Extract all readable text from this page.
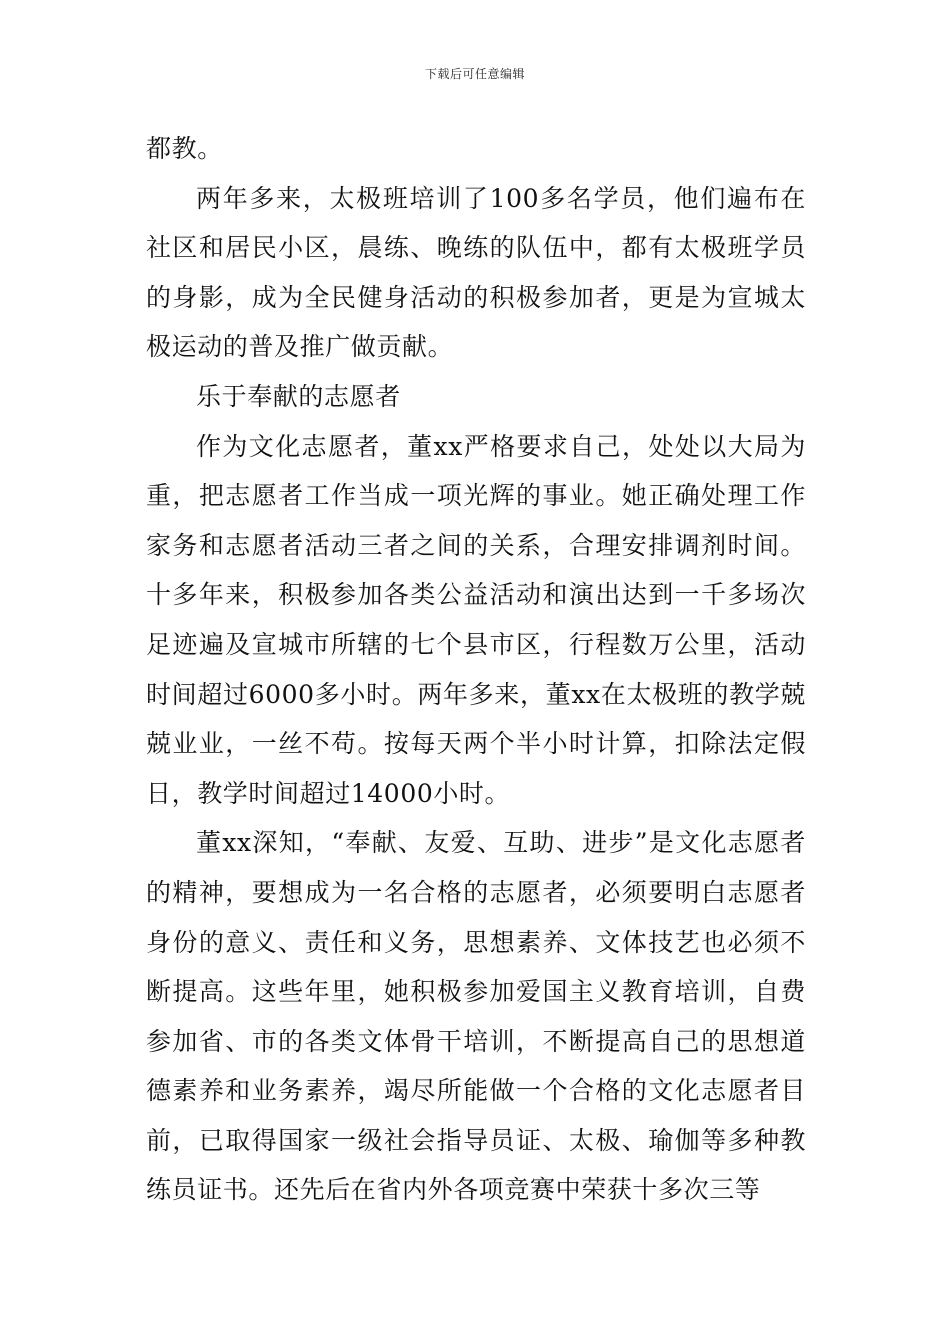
下载后可任意编辑

都教。

两年多来，太极班培训了100多名学员，他们遍布在社区和居民小区，晨练、晚练的队伍中，都有太极班学员的身影，成为全民健身活动的积极参加者，更是为宣城太极运动的普及推广做贡献。

乐于奉献的志愿者

作为文化志愿者，董xx严格要求自己，处处以大局为重，把志愿者工作当成一项光辉的事业。她正确处理工作家务和志愿者活动三者之间的关系，合理安排调剂时间。十多年来，积极参加各类公益活动和演出达到一千多场次足迹遍及宣城市所辖的七个县市区，行程数万公里，活动时间超过6000多小时。两年多来，董xx在太极班的教学兢兢业业，一丝不苟。按每天两个半小时计算，扣除法定假日，教学时间超过14000小时。

董xx深知，“奉献、友爱、互助、进步”是文化志愿者的精神，要想成为一名合格的志愿者，必须要明白志愿者身份的意义、责任和义务，思想素养、文体技艺也必须不断提高。这些年里，她积极参加爱国主义教育培训，自费参加省、市的各类文体骨干培训，不断提高自己的思想道德素养和业务素养，竭尽所能做一个合格的文化志愿者目前，已取得国家一级社会指导员证、太极、瑜伽等多种教练员证书。还先后在省内外各项竞赛中荣获十多次三等
